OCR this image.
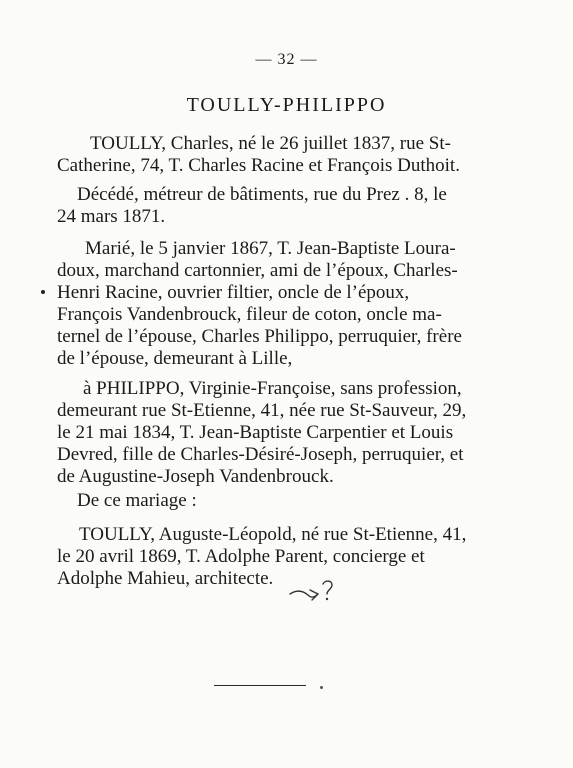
— 32 —
TOULLY-PHILIPPO
TOULLY, Charles, né le 26 juillet 1837, rue St-
Catherine, 74, T. Charles Racine et François Duthoit.
Décédé, métreur de bâtiments, rue du Prez . 8, le
24 mars 1871.
Marié, le 5 janvier 1867, T. Jean-Baptiste Loura-
doux, marchand cartonnier, ami de l’époux, Charles-
Henri Racine, ouvrier filtier, oncle de l’époux,
François Vandenbrouck, fileur de coton, oncle ma-
ternel de l’épouse, Charles Philippo, perruquier, frère
de l’épouse, demeurant à Lille,
à PHILIPPO, Virginie-Françoise, sans profession,
demeurant rue St-Etienne, 41, née rue St-Sauveur, 29,
le 21 mai 1834, T. Jean-Baptiste Carpentier et Louis
Devred, fille de Charles-Désiré-Joseph, perruquier, et
de Augustine-Joseph Vandenbrouck.
De ce mariage :
TOULLY, Auguste-Léopold, né rue St-Etienne, 41,
le 20 avril 1869, T. Adolphe Parent, concierge et
Adolphe Mahieu, architecte.
